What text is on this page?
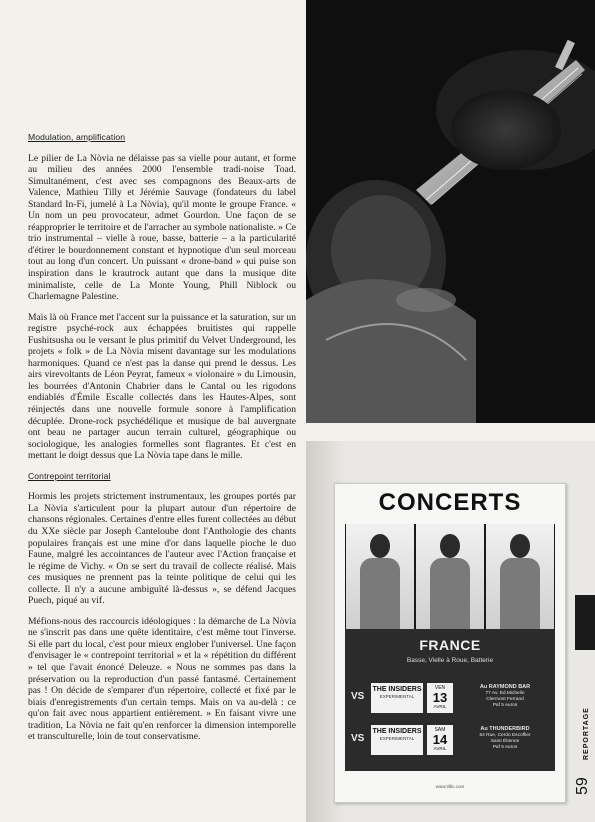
Modulation, amplification

Le pilier de La Nòvia ne délaisse pas sa vielle pour autant, et forme au milieu des années 2000 l'ensemble tradi-noise Toad. Simultanément, c'est avec ses compagnons des Beaux-arts de Valence, Mathieu Tilly et Jérémie Sauvage (fondateurs du label Standard In-Fi, jumelé à La Nòvia), qu'il monte le groupe France. « Un nom un peu provocateur, admet Gourdon. Une façon de se réapproprier le territoire et de l'arracher au symbole nationaliste. » Ce trio instrumental – vielle à roue, basse, batterie – a la particularité d'étirer le bourdonnement constant et hypnotique d'un seul morceau tout au long d'un concert. Un puissant « drone-band » qui puise son inspiration dans le krautrock autant que dans la musique dite minimaliste, celle de La Monte Young, Phill Niblock ou Charlemagne Palestine.

Mais là où France met l'accent sur la puissance et la saturation, sur un registre psyché-rock aux échappées bruitistes qui rappelle Fushitsusha ou le versant le plus primitif du Velvet Underground, les projets « folk » de La Nòvia misent davantage sur les modulations harmoniques. Quand ce n'est pas la danse qui prend le dessus. Les airs virevoltants de Léon Peyrat, fameux « violonaire » du Limousin, les bourrées d'Antonin Chabrier dans le Cantal ou les rigodons endiablés d'Émile Escalle collectés dans les Hautes-Alpes, sont réinjectés dans une nouvelle formule sonore à l'amplification décuplée. Drone-rock psychédélique et musique de bal auvergnate ont beau ne partager aucun terrain culturel, géographique ou sociologique, les analogies formelles sont flagrantes. Et c'est en mettant le doigt dessus que La Nòvia tape dans le mille.

Contrepoint territorial

Hormis les projets strictement instrumentaux, les groupes portés par La Nòvia s'articulent pour la plupart autour d'un répertoire de chansons régionales. Certaines d'entre elles furent collectées au début du XXe siècle par Joseph Canteloube dont l'Anthologie des chants populaires français est une mine d'or dans laquelle pioche le duo Faune, malgré les accointances de l'auteur avec l'Action française et le régime de Vichy. « On se sert du travail de collecte réalisé. Mais ces musiques ne prennent pas la teinte politique de celui qui les collecte. Il n'y a aucune ambiguïté là-dessus », se défend Jacques Puech, piqué au vif.

Méfions-nous des raccourcis idéologiques : la démarche de La Nòvia ne s'inscrit pas dans une quête identitaire, c'est même tout l'inverse. Si elle part du local, c'est pour mieux englober l'universel. Une façon d'envisager le « contrepoint territorial » et la « répétition du différent » tel que l'avait énoncé Deleuze. « Nous ne sommes pas dans la préservation ou la reproduction d'un passé fantasmé. Certainement pas ! On décide de s'emparer d'un répertoire, collecté et fixé par le biais d'enregistrements d'un certain temps. Mais on va au-delà : ce qu'on fait avec nous appartient entièrement. » En faisant vivre une tradition, La Nòvia ne fait qu'en renforcer la dimension intemporelle et transculturelle, loin de tout conservatisme.

CONCERTS
FRANCE
Basse, Vielle à Roue, Batterie
VS
THE INSIDERS
EXPERIMENTAL
VEN
13
AVRIL
Au RAYMOND BAR
77 Av. Ed.Michelin
Clermont Ferrand
Paf 5 euros
VS
THE INSIDERS
EXPERIMENTAL
SAM
14
AVRIL
Au THUNDERBIRD
64 Rue, Cerdo Escoffier
Saint Étienne
Paf 5 euros
www.tiltlo.com
REPORTAGE
59
